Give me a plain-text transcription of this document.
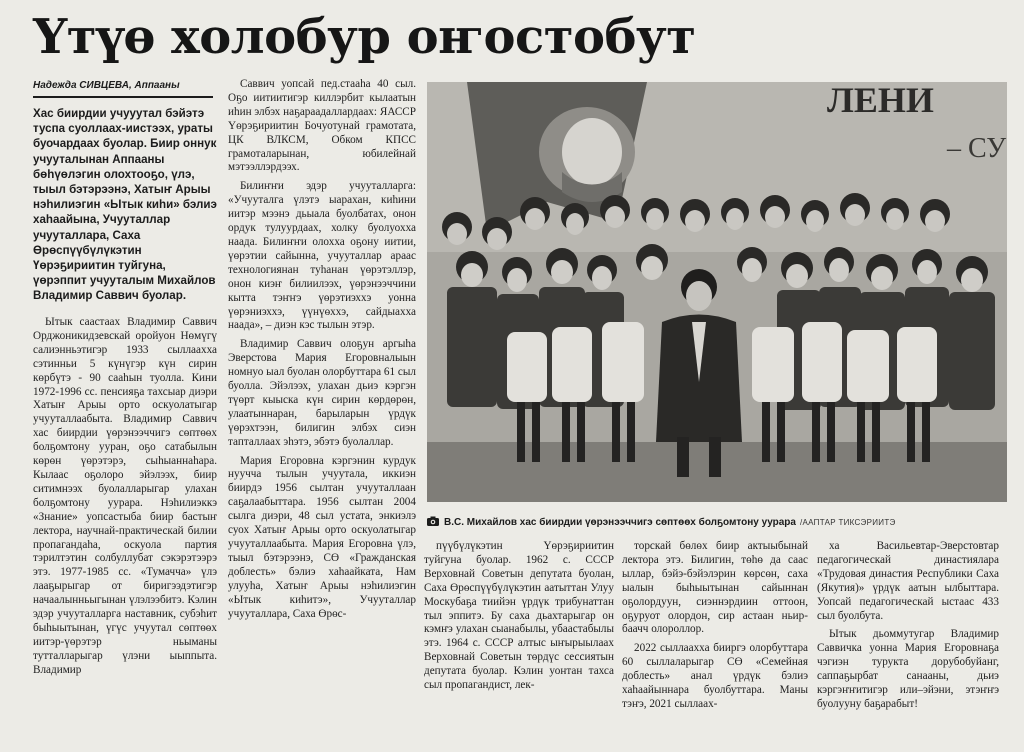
Үтүө холобур оҥостобут
Надежда СИВЦЕВА, Аппааны

Хас биирдии учууутал бэйэтэ туспа суоллаах-иистээх, ураты буочардаах буолар. Биир оннук учууталынан Аппааны бөһүөлэгин олохтооҕо, үлэ, тыыл бэтэрээнэ, Хатыҥ Арыы нэһилиэгин «Ытык киһи» бэлиэ хаһаайына, Учууталлар учууталлара, Саха Өрөспүүбүлүкэтин Үөрэҕириитин туйгуна, үөрэппит учууталым Михайлов Владимир Саввич буолар.

Ытык саастаах Владимир Саввич Орджоникидзевскай оройуон Нөмүгү салиэнньэтигэр 1933 сыллаахха сэтинньи 5 күнүгэр күн сирин көрбүтэ - 90 сааһын туолла. Кини 1972-1996 сс. пенсияҕа тахсыар диэри Хатыҥ Арыы орто оскуолатыгар учууталлаабыта. Владимир Саввич хас биирдии үөрэнээччигэ сөптөөх болҕомтону ууран, оҕо сатабылын көрөн үөрэтэрэ, сыһыаннаһара. Кылаас оҕолоро эйэлээх, биир ситимнээх буолалларыгар улахан болҕомтону уурара. Нэһилиэккэ «Знание» уопсастыба биир бастыҥ лектора, научнай-практическай билии пропагандаһа, оскуола партия тэрилтэтин солбуллубат сэкэрэтээрэ этэ. 1977-1985 сс. «Тумачча» үлэ лааҕырыгар от биригээдэтигэр начаалынньыгынан үлэлээбитэ. Кэлин эдэр учууталларга наставник, субэһит быһыытынан, үгүс учуутал сөптөөх иитэр-үөрэтэр ньыманы тутталларыгар үлэни ыыппыта. Владимир

Саввич уопсай пед.стааһа 40 сыл. Оҕо иитиитигэр киллэрбит кылаатын иһин элбэх наҕараадаллардаах: ЯАССР Үөрэҕириитин Бочуотунай грамотата, ЦК ВЛКСМ, Обком КПСС грамоталарынан, юбилейнай мэтээллэрдээх.

Билиҥҥи эдэр учууталларга: «Учууталга үлэтэ ыарахан, киһини иитэр мээнэ дьыала буолбатах, онон ордук тулуурдаах, холку буолуохха наада. Билиҥҥи олохха оҕону иитии, үөрэтии сайынна, учууталлар араас технологиянан туһанан үөрэтэллэр, онон киэҥ билиилээх, үөрэнээччини кытта тэҥҥэ үөрэтиэххэ уонна үөрэниэххэ, үүнүөххэ, сайдыахха наада», – диэн кэс тылын этэр.

Владимир Саввич олоҕун аргыһа Эверстова Мария Егоровналыын номнуо ыал буолан олорбуттара 61 сыл буолла. Эйэлээх, улахан дьиэ кэргэн түөрт кыыска күн сирин көрдөрөн, улаатыннаран, барыларын үрдүк үөрэхтээн, билигин элбэх сиэн тапталлаах эһэтэ, эбэтэ буолаллар.

Мария Егоровна кэргэнин курдук нуучча тылын учуутала, иккиэн биирдэ 1956 сылтан учууталлаан саҕалаабыттара. 1956 сылтан 2004 сылга диэри, 48 сыл устата, энкиэлэ суох Хатыҥ Арыы орто оскуолатыгар учууталлаабыта. Мария Егоровна үлэ, тыыл бэтэрээнэ, СӨ «Гражданская доблесть» бэлиэ хаһаайката, Нам улууһа, Хатыҥ Арыы нэһилиэгин «Ытык киһитэ», Учууталлар учууталлара, Саха Өрөс-

ЛЕНИ
– СУ
В.С. Михайлов хас биирдии үөрэнээччигэ сөптөөх болҕомтону уурара /ААПТАР ТИКСЭРИИТЭ

пүүбүлүкэтин Үөрэҕириитин туйгуна буолар. 1962 с. СССР Верховнай Советын депутата буолан, Саха Өрөспүүбүлүкэтин аатыттан Улуу Москубаҕа тиийэн үрдүк трибунаттан тыл эппитэ. Бу саха дьахтарыгар он кэмҥэ улахан сыанабылы, убаастабылы этэ. 1964 с. СССР алтыс ыҥырыылаах Верховнай Советын төрдүс сессиятын депутата буолар. Кэлин уонтан тахса сыл пропагандист, лек-

торскай бөлөх биир актыыбынай лектора этэ. Билигин, төһө да саас ыллар, бэйэ-бэйэлэрин көрсөн, саха ыалын быһыытынан сайыннан оҕолордуун, сиэннэрдиин оттоон, оҕуруот олордон, сир астаан ньир-баачч олороллор.

2022 сыллаахха бииргэ олорбуттара 60 сыллаларыгар СӨ «Семейная доблесть» анал үрдүк бэлиэ хаһаайыннара буолбуттара. Маны тэҥэ, 2021 сыллаах-

ха Васильевтар-Эверстовтар педагогическай династиялара «Трудовая династия Республики Саха (Якутия)» үрдүк аатын ылбыттара. Уопсай педагогическай ыстаас 433 сыл буолбута.

Ытык дьоммутугар Владимир Саввичка уонна Мария Егоровнаҕа чэгиэн турукта дорубобуйанг, саппаҕырбат санааны, дьиэ кэргэҥҥитигэр или–эйэни, этэҥҥэ буолууну баҕарабыт!
